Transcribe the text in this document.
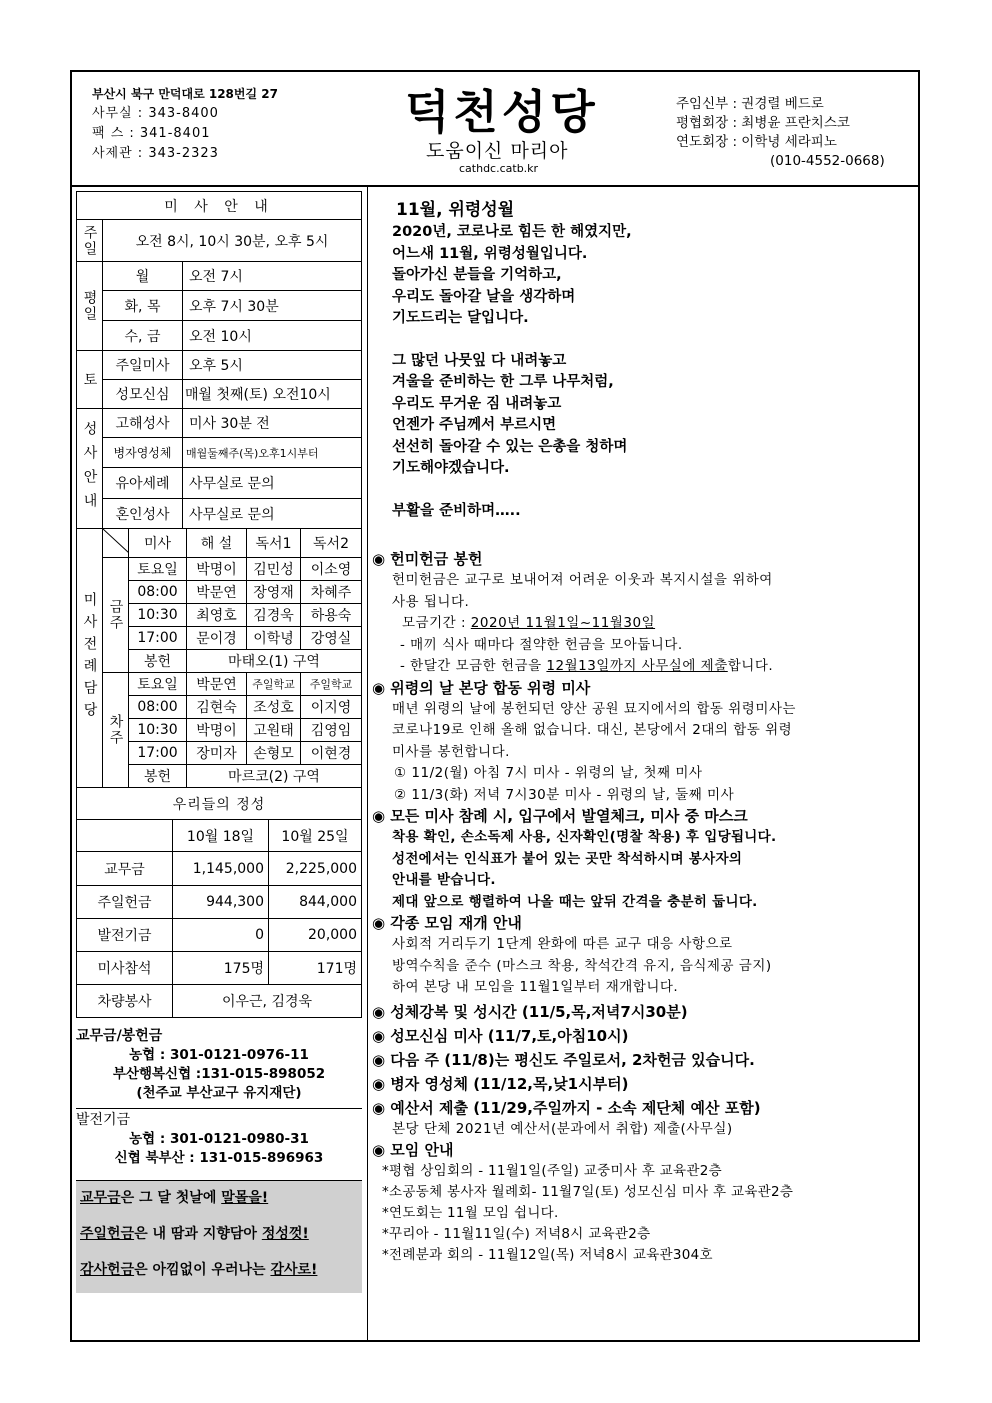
부산시 북구 만덕대로 128번길 27
사무실 : 343-8400
팩 스 : 341-8401
사제관 : 343-2323
덕천성당
도움이신 마리아
cathdc.catb.kr
주임신부 : 권경렬 베드로
평협회장 : 최병윤 프란치스코
연도회장 : 이학녕 세라피노
(010-4552-0668)
미 사 안 내		
주일	오전 8시, 10시 30분, 오후 5시	
평일	월	오전 7시
	화, 목	오후 7시 30분
	수, 금	오전 10시
토	주일미사	오후 5시
	성모신심	매월 첫째(토) 오전10시
성사안내	고해성사	미사 30분 전
	병자영성체	매월둘째주(목)오후1시부터
	유아세례	사무실로 문의
	혼인성사	사무실로 문의
미사전례담당		미사	해 설	독서1	독서2
	금주	토요일	박명이	김민성	이소영
		08:00	박문연	장영재	차혜주
		10:30	최영호	김경욱	하용숙
		17:00	문이경	이학녕	강영실
		봉헌	마태오(1) 구역		
	차주	토요일	박문연	주일학교	주일학교
		08:00	김현숙	조성호	이지영
		10:30	박명이	고원태	김영임
		17:00	장미자	손형모	이현경
		봉헌	마르코(2) 구역		
우리들의 정성		
	10월 18일	10월 25일
교무금	1,145,000	2,225,000
주일헌금	944,300	844,000
발전기금	0	20,000
미사참석	175명	171명
차량봉사	이우근, 김경욱	
교무금/봉헌금
농협 : 301-0121-0976-11
부산행복신협 :131-015-898052
(천주교 부산교구 유지재단)
발전기금
농협 : 301-0121-0980-31
신협 북부산 : 131-015-896963
교무금은 그 달 첫날에 말몰을!
주일헌금은 내 땀과 지향담아 정성껏!
감사헌금은 아낌없이 우러나는 감사로!
11월, 위령성월
2020년, 코로나로 힘든 한 해였지만,
어느새 11월, 위령성월입니다.
돌아가신 분들을 기억하고,
우리도 돌아갈 날을 생각하며
기도드리는 달입니다.
그 많던 나뭇잎 다 내려놓고
겨울을 준비하는 한 그루 나무처럼,
우리도 무거운 짐 내려놓고
언젠가 주님께서 부르시면
선선히 돌아갈 수 있는 은총을 청하며
기도해야겠습니다.
부활을 준비하며…..
◉ 헌미헌금 봉헌
헌미헌금은 교구로 보내어져 어려운 이웃과 복지시설을 위하여
사용 됩니다.
모금기간 : 2020년 11월1일~11월30일
- 매끼 식사 때마다 절약한 헌금을 모아둡니다.
- 한달간 모금한 헌금을 12월13일까지 사무실에 제출합니다.
◉ 위령의 날 본당 합동 위령 미사
매년 위령의 날에 봉헌되던 양산 공원 묘지에서의 합동 위령미사는
코로나19로 인해 올해 없습니다. 대신, 본당에서 2대의 합동 위령
미사를 봉헌합니다.
① 11/2(월) 아침 7시 미사 - 위령의 날, 첫째 미사
② 11/3(화) 저녁 7시30분 미사 - 위령의 날, 둘째 미사
◉ 모든 미사 참례 시, 입구에서 발열체크, 미사 중 마스크
착용 확인, 손소독제 사용, 신자확인(명찰 착용) 후 입당됩니다.
성전에서는 인식표가 붙어 있는 곳만 착석하시며 봉사자의
안내를 받습니다.
제대 앞으로 행렬하여 나올 때는 앞뒤 간격을 충분히 둡니다.
◉ 각종 모임 재개 안내
사회적 거리두기 1단계 완화에 따른 교구 대응 사항으로
방역수칙을 준수 (마스크 착용, 착석간격 유지, 음식제공 금지)
하여 본당 내 모임을 11월1일부터 재개합니다.
◉ 성체강복 및 성시간 (11/5,목,저녁7시30분)
◉ 성모신심 미사 (11/7,토,아침10시)
◉ 다음 주 (11/8)는 평신도 주일로서, 2차헌금 있습니다.
◉ 병자 영성체 (11/12,목,낮1시부터)
◉ 예산서 제출 (11/29,주일까지 - 소속 제단체 예산 포함)
본당 단체 2021년 예산서(분과에서 취합) 제출(사무실)
◉ 모임 안내
*평협 상임회의 - 11월1일(주일) 교중미사 후 교육관2층
*소공동체 봉사자 월례회- 11월7일(토) 성모신심 미사 후 교육관2층
*연도회는 11월 모임 쉽니다.
*꾸리아 - 11월11일(수) 저녁8시 교육관2층
*전례분과 회의 - 11월12일(목) 저녁8시 교육관304호
